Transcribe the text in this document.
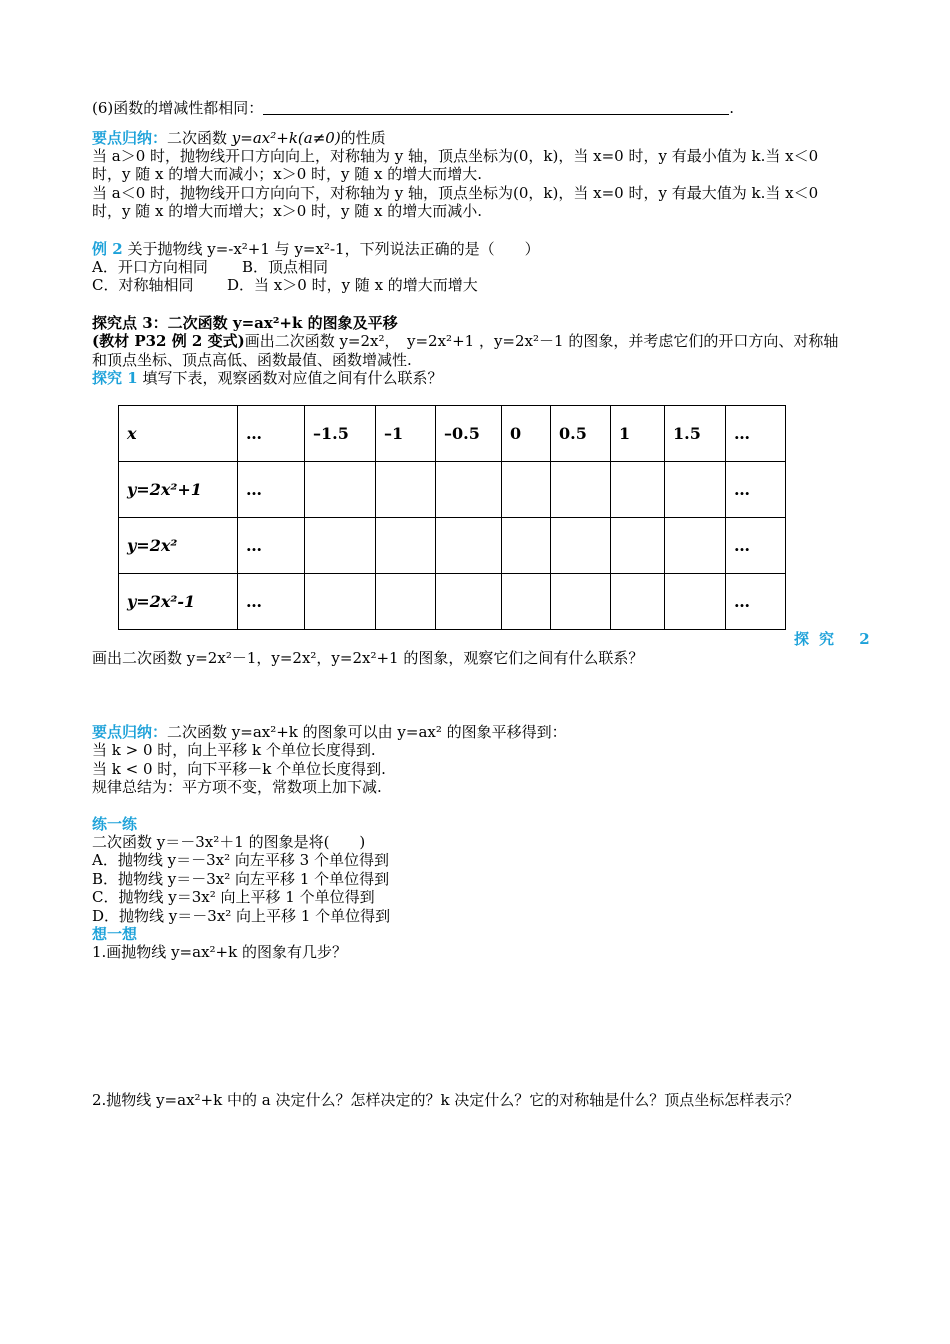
(6)函数的增减性都相同：	.
要点归纳：二次函数 y=ax²+k(a≠0)的性质
当 a＞0 时，抛物线开口方向向上，对称轴为 y 轴，顶点坐标为(0，k)，当 x=0 时，y 有最小值为 k.当 x＜0
时，y 随 x 的增大而减小；x＞0 时，y 随 x 的增大而增大.
当 a＜0 时，抛物线开口方向向下，对称轴为 y 轴，顶点坐标为(0，k)，当 x=0 时，y 有最大值为 k.当 x＜0
时，y 随 x 的增大而增大；x＞0 时，y 随 x 的增大而减小.
例 2 关于抛物线 y=-x²+1 与 y=x²-1，下列说法正确的是（　　）
A．开口方向相同 B．顶点相同
C．对称轴相同 D．当 x＞0 时，y 随 x 的增大而增大
探究点 3：二次函数 y=ax²+k 的图象及平移
(教材 P32 例 2 变式)画出二次函数 y=2x²，　y=2x²+1 ，y=2x²－1 的图象，并考虑它们的开口方向、对称轴
和顶点坐标、顶点高低、函数最值、函数增减性.
探究 1 填写下表，观察函数对应值之间有什么联系？
x	…	–1.5	–1	–0.5	0	0.5	1	1.5	…
y=2x²+1	…								…
y=2x²	…								…
y=2x²-1	…								…
探究 2
画出二次函数 y=2x²－1，y=2x²，y=2x²+1 的图象，观察它们之间有什么联系？
要点归纳：二次函数 y=ax²+k 的图象可以由 y=ax² 的图象平移得到：
当 k > 0 时，向上平移 k 个单位长度得到.
当 k < 0 时，向下平移－k 个单位长度得到.
规律总结为：平方项不变，常数项上加下减.
练一练
二次函数 y＝－3x²＋1 的图象是将(　　)
A．抛物线 y＝－3x² 向左平移 3 个单位得到
B．抛物线 y＝－3x² 向左平移 1 个单位得到
C．抛物线 y＝3x² 向上平移 1 个单位得到
D．抛物线 y＝－3x² 向上平移 1 个单位得到
想一想
1.画抛物线 y=ax²+k 的图象有几步？
2.抛物线 y=ax²+k 中的 a 决定什么？怎样决定的？k 决定什么？它的对称轴是什么？顶点坐标怎样表示？
